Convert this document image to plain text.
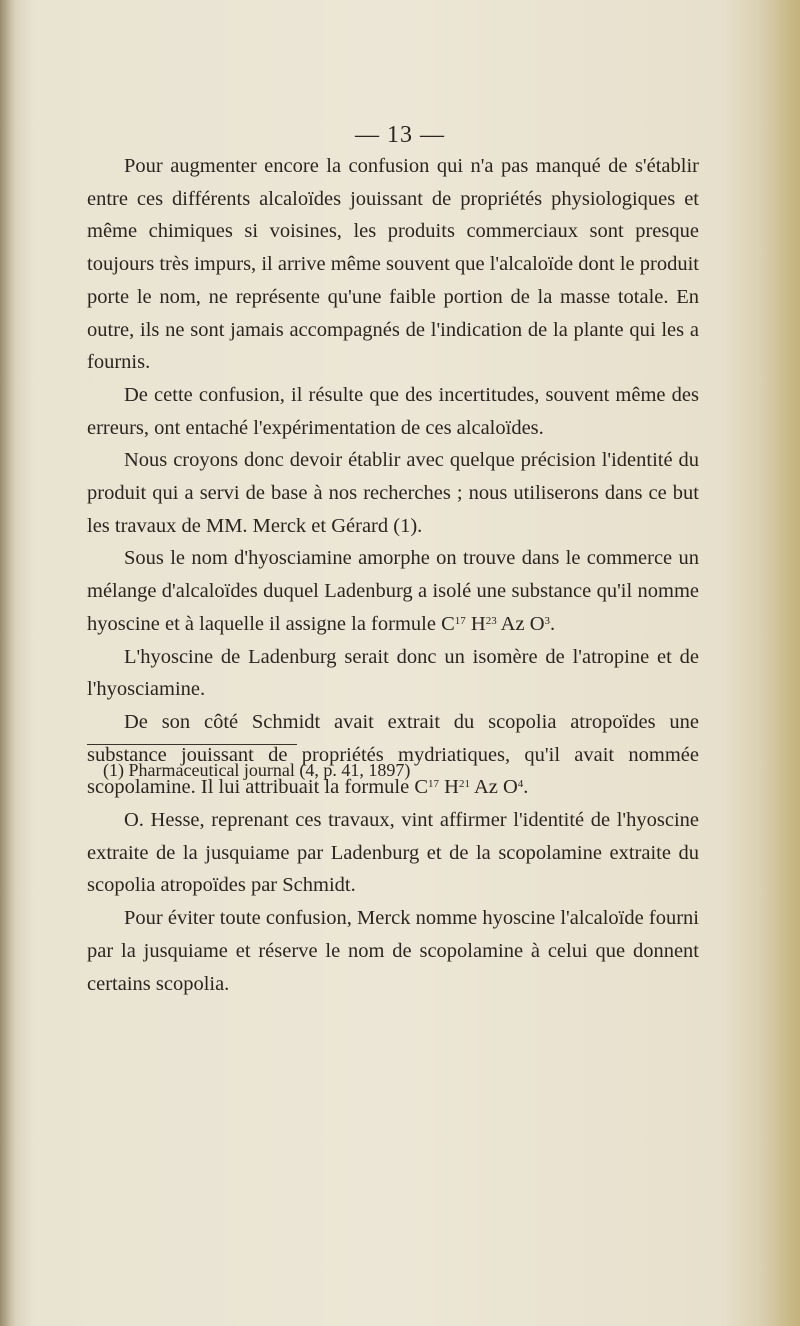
— 13 —

Pour augmenter encore la confusion qui n'a pas manqué de s'établir entre ces différents alcaloïdes jouissant de propriétés physiologiques et même chimiques si voisines, les produits commerciaux sont presque toujours très impurs, il arrive même souvent que l'alcaloïde dont le produit porte le nom, ne représente qu'une faible portion de la masse totale. En outre, ils ne sont jamais accompagnés de l'indication de la plante qui les a fournis.

De cette confusion, il résulte que des incertitudes, souvent même des erreurs, ont entaché l'expérimentation de ces alcaloïdes.

Nous croyons donc devoir établir avec quelque précision l'identité du produit qui a servi de base à nos recherches ; nous utiliserons dans ce but les travaux de MM. Merck et Gérard (1).

Sous le nom d'hyosciamine amorphe on trouve dans le commerce un mélange d'alcaloïdes duquel Ladenburg a isolé une substance qu'il nomme hyoscine et à laquelle il assigne la formule $C^{17}$ $H^{23}$ Az $O^3$.

L'hyoscine de Ladenburg serait donc un isomère de l'atropine et de l'hyosciamine.

De son côté Schmidt avait extrait du scopolia atropoïdes une substance jouissant de propriétés mydriatiques, qu'il avait nommée scopolamine. Il lui attribuait la formule $C^{17}$ $H^{21}$ Az $O^4$.

O. Hesse, reprenant ces travaux, vint affirmer l'identité de l'hyoscine extraite de la jusquiame par Ladenburg et de la scopolamine extraite du scopolia atropoïdes par Schmidt.

Pour éviter toute confusion, Merck nomme hyoscine l'alcaloïde fourni par la jusquiame et réserve le nom de scopolamine à celui que donnent certains scopolia.

(1) Pharmaceutical journal (4, p. 41, 1897)
